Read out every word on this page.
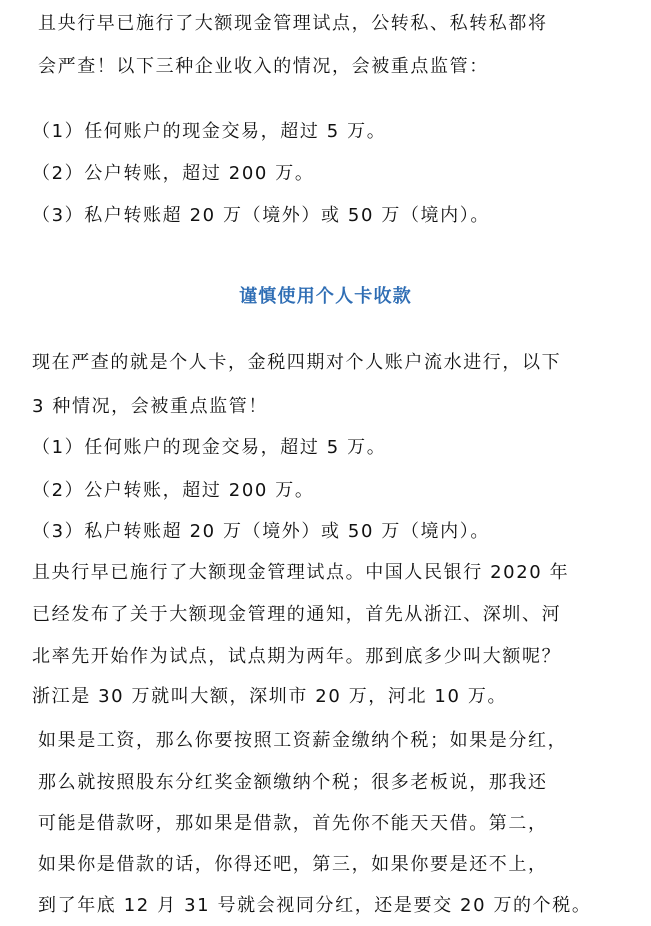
且央行早已施行了大额现金管理试点，公转私、私转私都将
会严查！以下三种企业收入的情况，会被重点监管：
（1）任何账户的现金交易，超过 5 万。
（2）公户转账，超过 200 万。
（3）私户转账超 20 万（境外）或 50 万（境内）。
谨慎使用个人卡收款
现在严查的就是个人卡，金税四期对个人账户流水进行，以下
3 种情况，会被重点监管！
（1）任何账户的现金交易，超过 5 万。
（2）公户转账，超过 200 万。
（3）私户转账超 20 万（境外）或 50 万（境内）。
且央行早已施行了大额现金管理试点。中国人民银行 2020 年
已经发布了关于大额现金管理的通知，首先从浙江、深圳、河
北率先开始作为试点，试点期为两年。那到底多少叫大额呢？
浙江是 30 万就叫大额，深圳市 20 万，河北 10 万。
如果是工资，那么你要按照工资薪金缴纳个税；如果是分红，
那么就按照股东分红奖金额缴纳个税；很多老板说，那我还
可能是借款呀，那如果是借款，首先你不能天天借。第二，
如果你是借款的话，你得还吧，第三，如果你要是还不上，
到了年底 12 月 31 号就会视同分红，还是要交 20 万的个税。
